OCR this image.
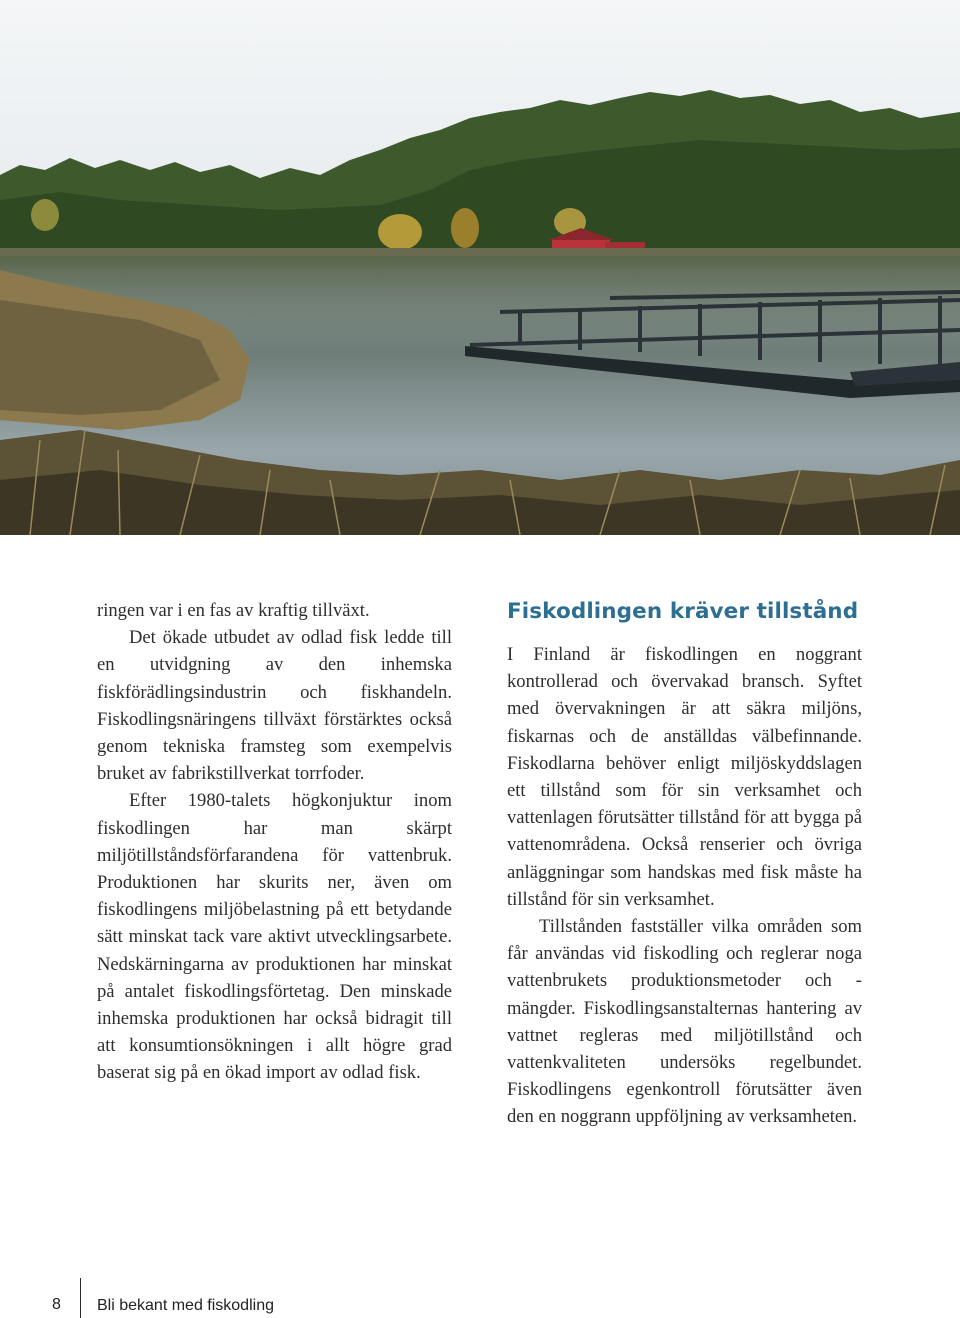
ringen var i en fas av kraftig tillväxt.

Det ökade utbudet av odlad fisk ledde till en utvidgning av den inhemska fiskförädlingsindustrin och fiskhandeln. Fiskodlingsnäringens tillväxt förstärktes också genom tekniska framsteg som exempelvis bruket av fabrikstillverkat torrfoder.

Efter 1980-talets högkonjuktur inom fiskodlingen har man skärpt miljötillståndsförfarandena för vattenbruk. Produktionen har skurits ner, även om fiskodlingens miljöbelastning på ett betydande sätt minskat tack vare aktivt utvecklingsarbete. Nedskärningarna av produktionen har minskat på antalet fiskodlingsförtetag. Den minskade inhemska produktionen har också bidragit till att konsumtionsökningen i allt högre grad baserat sig på en ökad import av odlad fisk.

Fiskodlingen kräver tillstånd

I Finland är fiskodlingen en noggrant kontrollerad och övervakad bransch. Syftet med övervakningen är att säkra miljöns, fiskarnas och de anställdas välbefinnande. Fiskodlarna behöver enligt miljöskyddslagen ett tillstånd som för sin verksamhet och vattenlagen förutsätter tillstånd för att bygga på vattenområdena. Också renserier och övriga anläggningar som handskas med fisk måste ha tillstånd för sin verksamhet.

Tillstånden fastställer vilka områden som får användas vid fiskodling och reglerar noga vattenbrukets produktionsmetoder och -mängder. Fiskodlingsanstalternas hantering av vattnet regleras med miljötillstånd och vattenkvaliteten undersöks regelbundet. Fiskodlingens egenkontroll förutsätter även den en noggrann uppföljning av verksamheten.

8 Bli bekant med fiskodling
